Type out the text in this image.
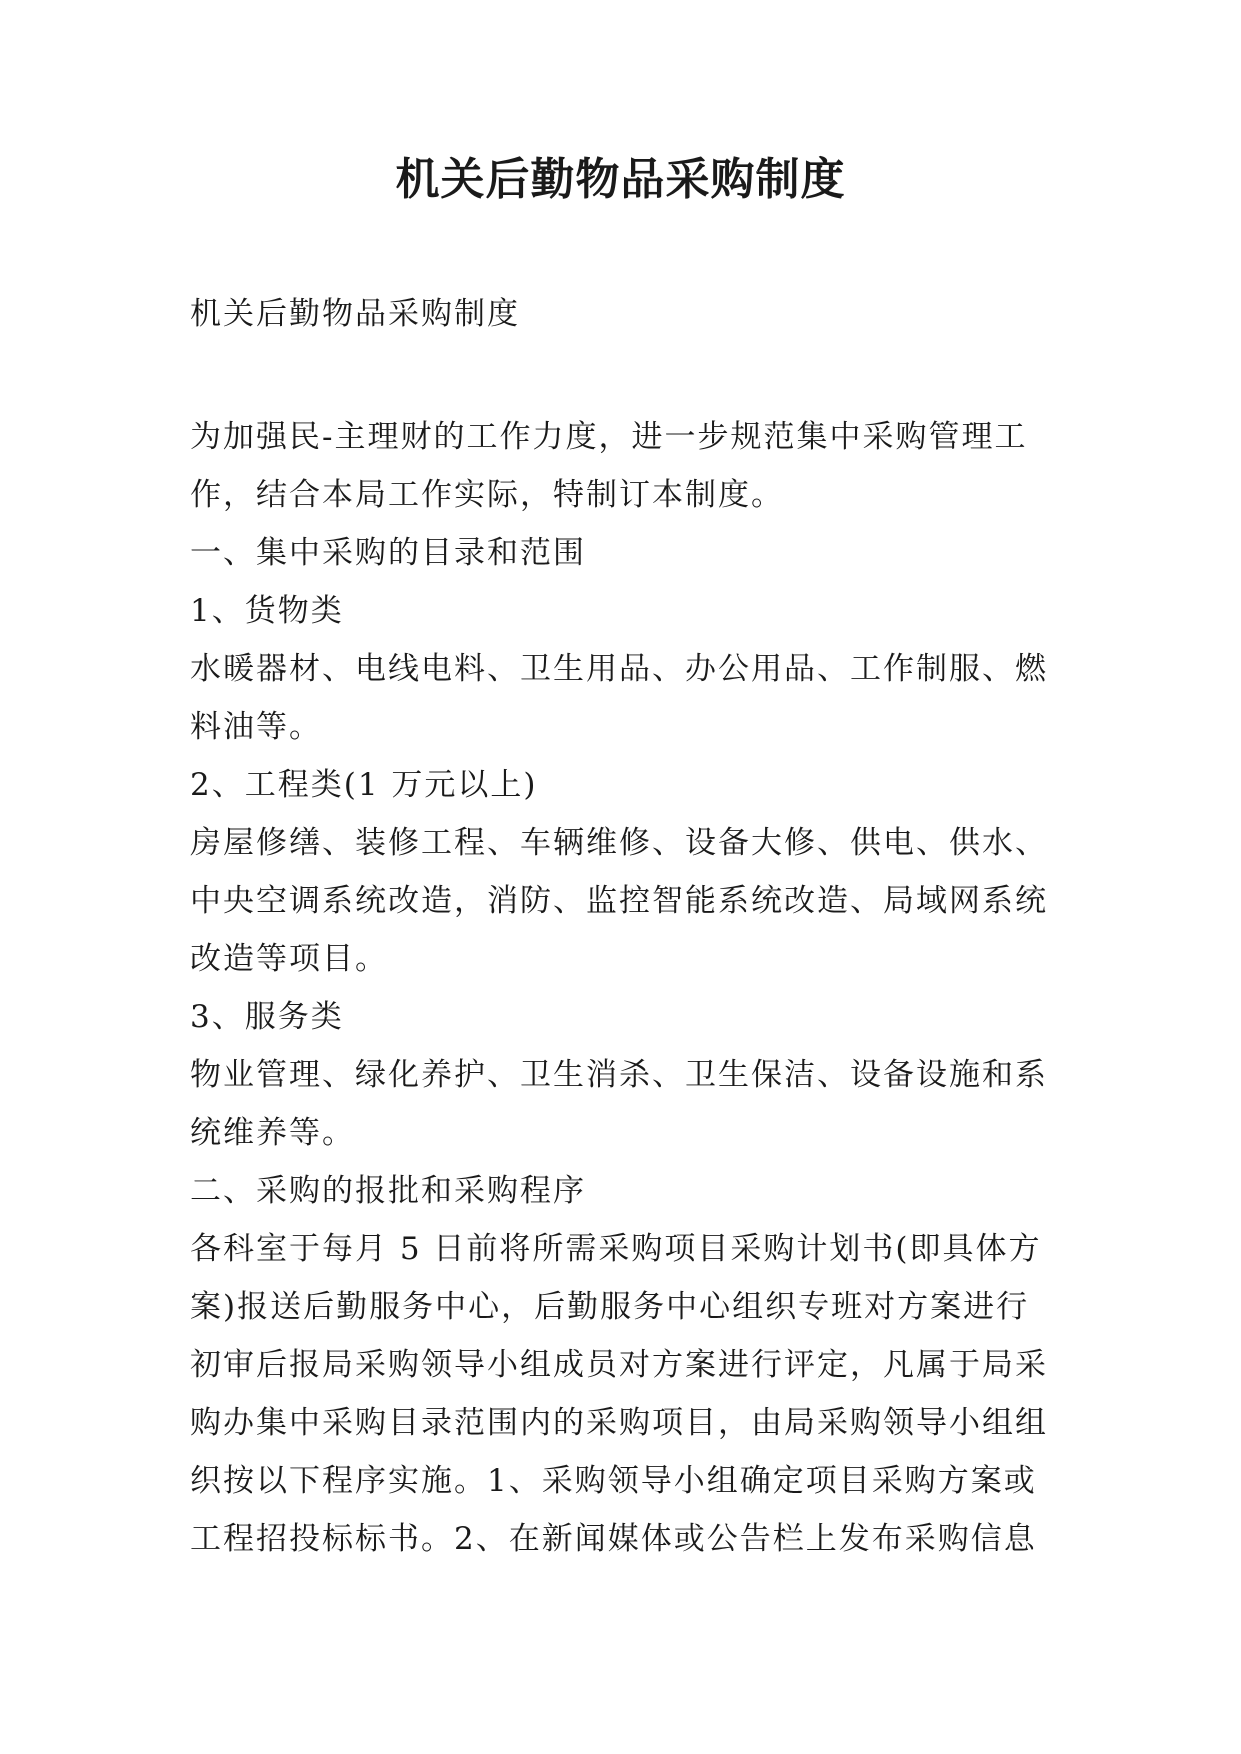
机关后勤物品采购制度

机关后勤物品采购制度

为加强民-主理财的工作力度，进一步规范集中采购管理工
作，结合本局工作实际，特制订本制度。

一、集中采购的目录和范围

1、货物类

水暖器材、电线电料、卫生用品、办公用品、工作制服、燃
料油等。

2、工程类(1 万元以上)

房屋修缮、装修工程、车辆维修、设备大修、供电、供水、
中央空调系统改造，消防、监控智能系统改造、局域网系统
改造等项目。

3、服务类

物业管理、绿化养护、卫生消杀、卫生保洁、设备设施和系
统维养等。

二、采购的报批和采购程序

各科室于每月 5 日前将所需采购项目采购计划书(即具体方
案)报送后勤服务中心，后勤服务中心组织专班对方案进行
初审后报局采购领导小组成员对方案进行评定，凡属于局采
购办集中采购目录范围内的采购项目，由局采购领导小组组
织按以下程序实施。1、采购领导小组确定项目采购方案或
工程招投标标书。2、在新闻媒体或公告栏上发布采购信息
